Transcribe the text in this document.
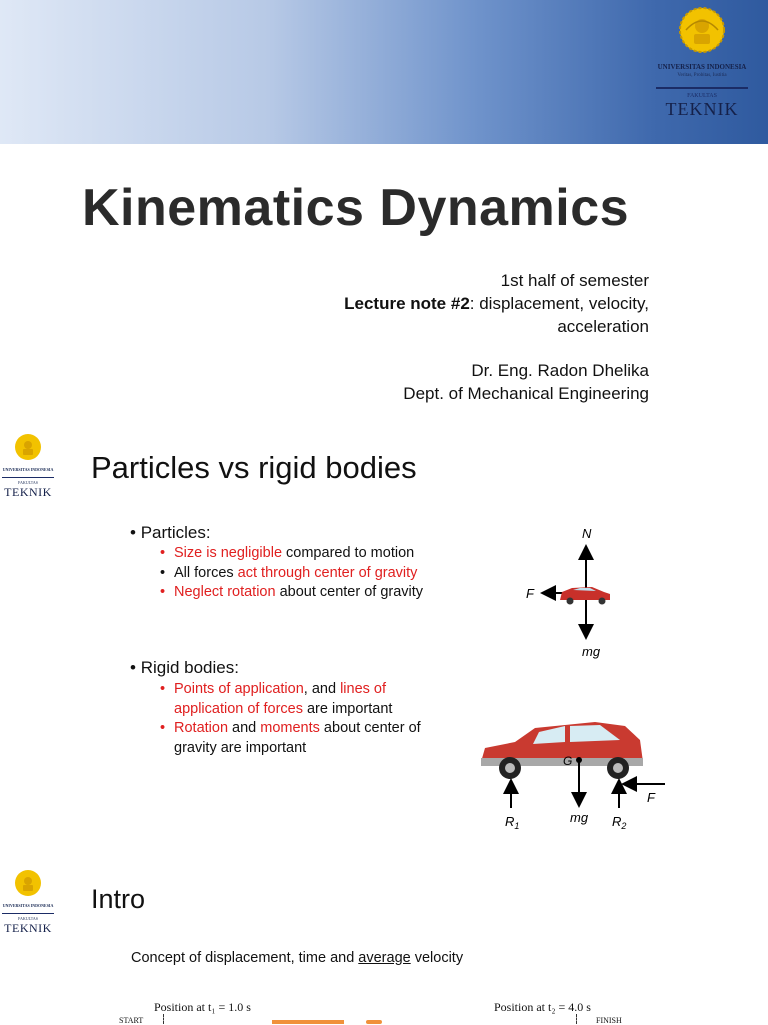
UNIVERSITAS INDONESIA
Veritas, Probitas, Iustitia
FAKULTAS
TEKNIK
Kinematics Dynamics
1st half of semester
Lecture note #2: displacement, velocity,
acceleration
Dr. Eng. Radon Dhelika
Dept. of Mechanical Engineering
UNIVERSITAS INDONESIA
FAKULTAS
TEKNIK
Particles vs rigid bodies
• Particles:
• Size is negligible compared to motion
• All forces act through center of gravity
• Neglect rotation about center of gravity
• Rigid bodies:
• Points of application, and lines of
application of forces are important
• Rotation and moments about center of
gravity are important
N
F
mg
G
mg
$R_1$	$R_2$
F
UNIVERSITAS INDONESIA
FAKULTAS
TEKNIK
Intro
Concept of displacement, time and average velocity
Position at t₁ = 1.0 s	Position at t₂ = 4.0 s
START	FINISH
